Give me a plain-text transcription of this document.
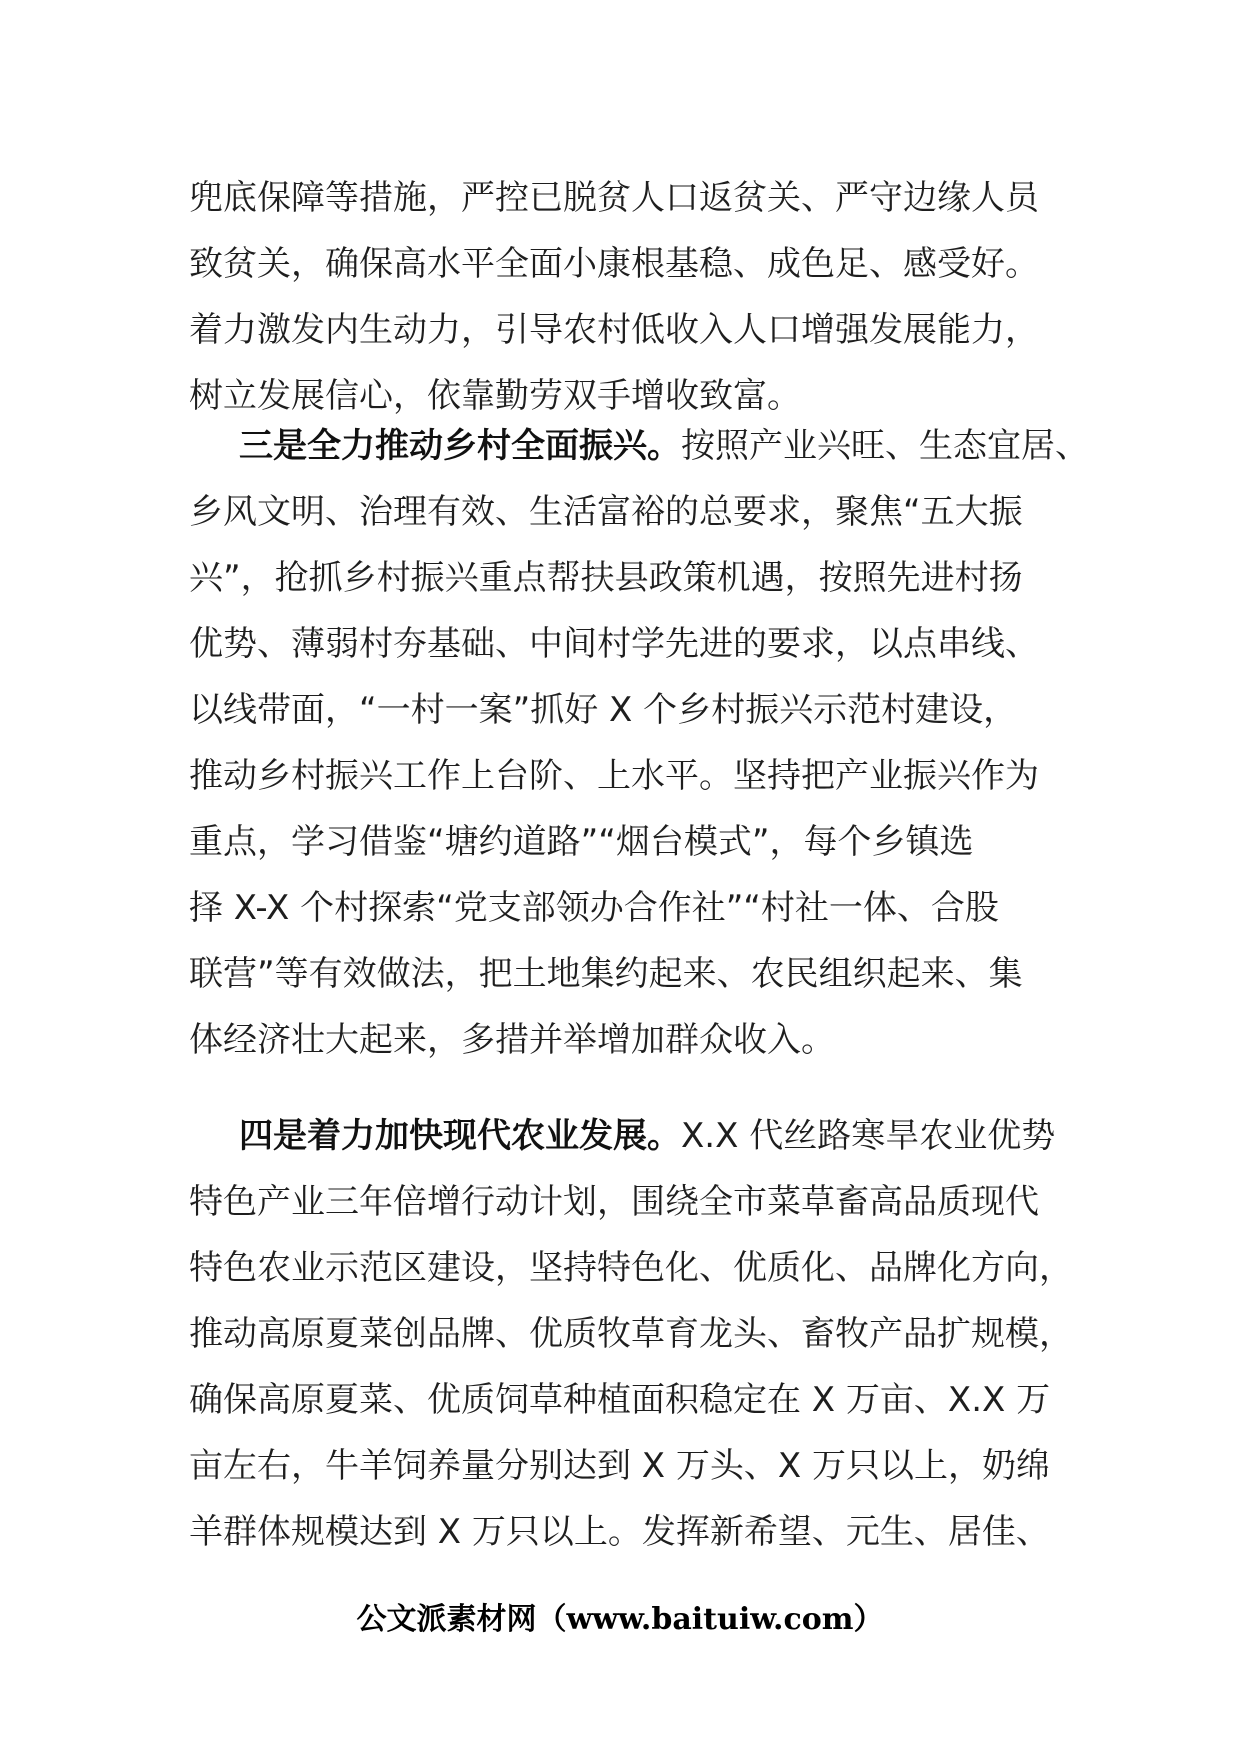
兜底保障等措施，严控已脱贫人口返贫关、严守边缘人员
致贫关，确保高水平全面小康根基稳、成色足、感受好。
着力激发内生动力，引导农村低收入人口增强发展能力，
树立发展信心，依靠勤劳双手增收致富。
三是全力推动乡村全面振兴。按照产业兴旺、生态宜居、
乡风文明、治理有效、生活富裕的总要求，聚焦“五大振
兴”，抢抓乡村振兴重点帮扶县政策机遇，按照先进村扬
优势、薄弱村夯基础、中间村学先进的要求，以点串线、
以线带面，“一村一案”抓好 X 个乡村振兴示范村建设，
推动乡村振兴工作上台阶、上水平。坚持把产业振兴作为
重点，学习借鉴“塘约道路”“烟台模式”，每个乡镇选
择 X-X 个村探索“党支部领办合作社”“村社一体、合股
联营”等有效做法，把土地集约起来、农民组织起来、集
体经济壮大起来，多措并举增加群众收入。
四是着力加快现代农业发展。X.X 代丝路寒旱农业优势
特色产业三年倍增行动计划，围绕全市菜草畜高品质现代
特色农业示范区建设，坚持特色化、优质化、品牌化方向，
推动高原夏菜创品牌、优质牧草育龙头、畜牧产品扩规模，
确保高原夏菜、优质饲草种植面积稳定在 X 万亩、X.X 万
亩左右，牛羊饲养量分别达到 X 万头、X 万只以上，奶绵
羊群体规模达到 X 万只以上。发挥新希望、元生、居佳、
公文派素材网（www.baituiw.com）
